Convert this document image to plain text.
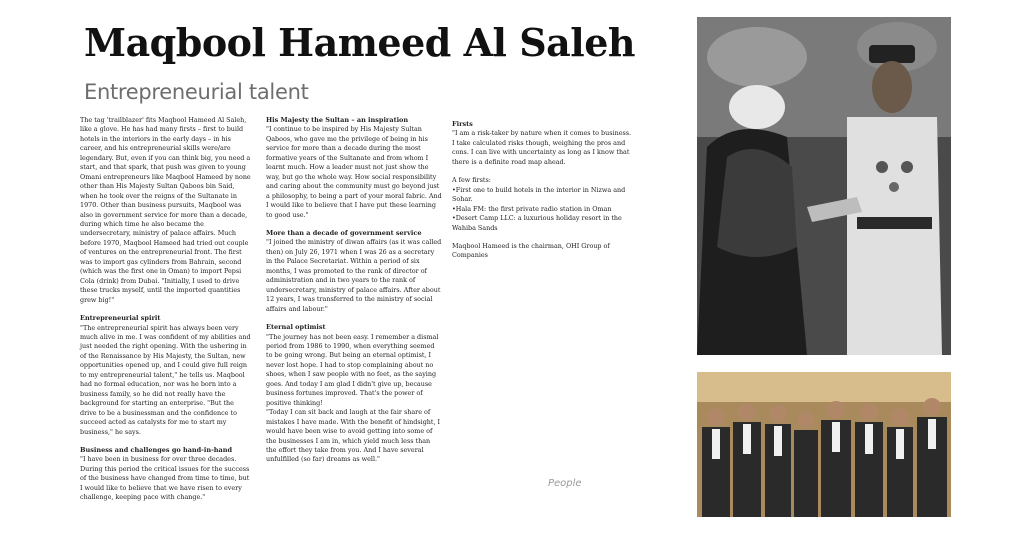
Maqbool Hameed Al Saleh
Entrepreneurial talent

The tag 'trailblazer' fits Maqbool Hameed Al Saleh, like a glove. He has had many firsts – first to build hotels in the interiors in the early days – in his career, and his entrepreneurial skills were/are legendary. But, even if you can think big, you need a start, and that spark, that push was given to young Omani entrepreneurs like Maqbool Hameed by none other than His Majesty Sultan Qaboos bin Said, when he took over the reigns of the Sultanate in 1970. Other than business pursuits, Maqbool was also in government service for more than a decade, during which time he also became the undersecretary, ministry of palace affairs. Much before 1970, Maqbool Hameed had tried out couple of ventures on the entrepreneurial front. The first was to import gas cylinders from Bahrain, second (which was the first one in Oman) to import Pepsi Cola (drink) from Dubai. "Initially, I used to drive these trucks myself, until the imported quantities grew big!"

Entrepreneurial spirit

"The entrepreneurial spirit has always been very much alive in me. I was confident of my abilities and just needed the right opening. With the ushering in of the Renaissance by His Majesty, the Sultan, new opportunities opened up, and I could give full reign to my entrepreneurial talent," he tells us. Maqbool had no formal education, nor was he born into a business family, so he did not really have the background for starting an enterprise. "But the drive to be a businessman and the confidence to succeed acted as catalysts for me to start my business," he says.

Business and challenges go hand-in-hand

"I have been in business for over three decades. During this period the critical issues for the success of the business have changed from time to time, but I would like to believe that we have risen to every challenge, keeping pace with change."

His Majesty the Sultan – an inspiration

"I continue to be inspired by His Majesty Sultan Qaboos, who gave me the privilege of being in his service for more than a decade during the most formative years of the Sultanate and from whom I learnt much. How a leader must not just show the way, but go the whole way. How social responsibility and caring about the community must go beyond just a philosophy, to being a part of your moral fabric. And I would like to believe that I have put these learning to good use."

More than a decade of government service

"I joined the ministry of diwan affairs (as it was called then) on July 26, 1971 when I was 26 as a secretary in the Palace Secretariat. Within a period of six months, I was promoted to the rank of director of administration and in two years to the rank of undersecretary, ministry of palace affairs. After about 12 years, I was transferred to the ministry of social affairs and labour."

Eternal optimist

"The journey has not been easy. I remember a dismal period from 1986 to 1990, when everything seemed to be going wrong. But being an eternal optimist, I never lost hope. I had to stop complaining about no shoes, when I saw people with no feet, as the saying goes. And today I am glad I didn't give up, because business fortunes improved. That's the power of positive thinking!

"Today I can sit back and laugh at the fair share of mistakes I have made. With the benefit of hindsight, I would have been wise to avoid getting into some of the businesses I am in, which yield much less than the effort they take from you. And I have several unfulfilled (so far) dreams as well."

Firsts

"I am a risk-taker by nature when it comes to business. I take calculated risks though, weighing the pros and cons. I can live with uncertainty as long as I know that there is a definite road map ahead.

A few firsts:

• First one to build hotels in the interior in Nizwa and Sohar.
• Hala FM: the first private radio station in Oman
• Desert Camp LLC: a luxurious holiday resort in the Wahiba Sands

Maqbool Hameed is the chairman, OHI Group of Companies

People
